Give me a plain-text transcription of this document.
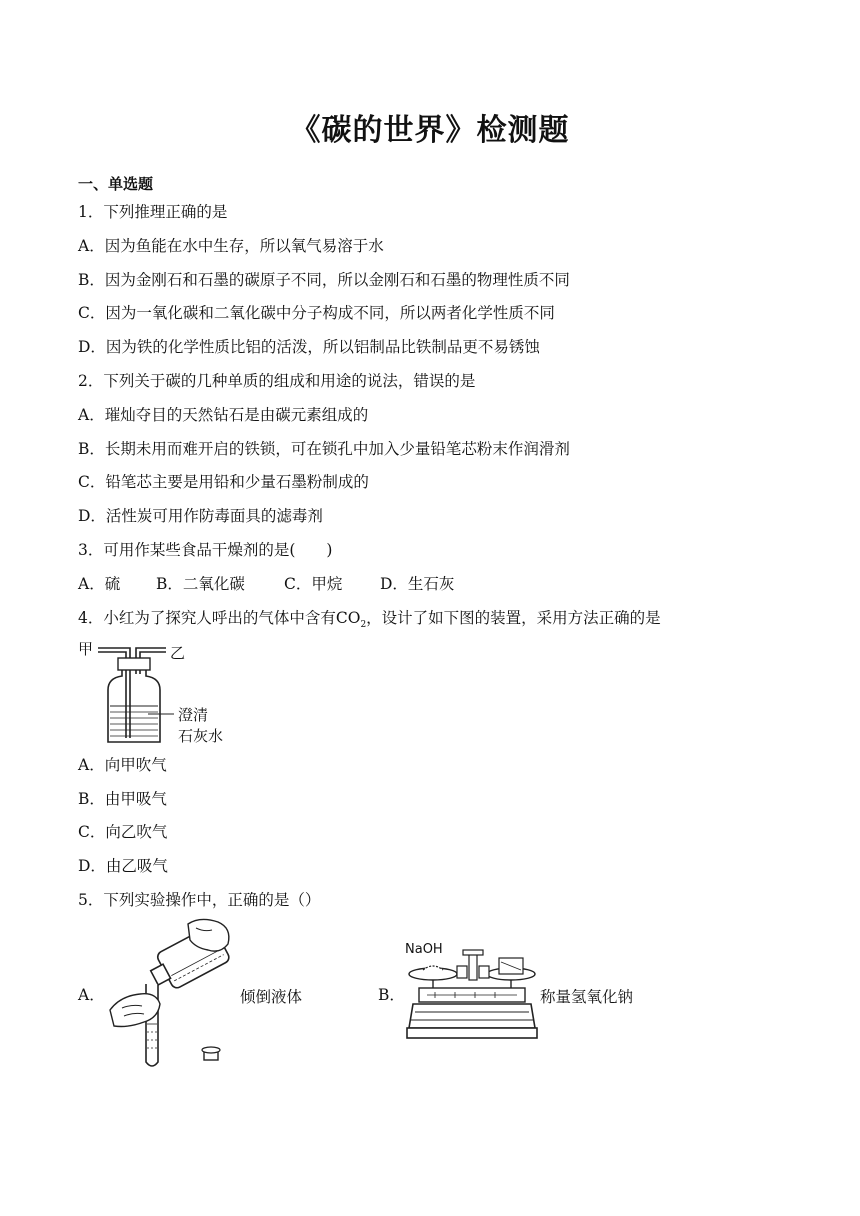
《碳的世界》检测题
一、单选题
1．下列推理正确的是
A．因为鱼能在水中生存，所以氧气易溶于水
B．因为金刚石和石墨的碳原子不同，所以金刚石和石墨的物理性质不同
C．因为一氧化碳和二氧化碳中分子构成不同，所以两者化学性质不同
D．因为铁的化学性质比铝的活泼，所以铝制品比铁制品更不易锈蚀
2．下列关于碳的几种单质的组成和用途的说法，错误的是
A．璀灿夺目的天然钻石是由碳元素组成的
B．长期未用而难开启的铁锁，可在锁孔中加入少量铅笔芯粉末作润滑剂
C．铅笔芯主要是用铅和少量石墨粉制成的
D．活性炭可用作防毒面具的滤毒剂
3．可用作某些食品干燥剂的是(　　)
A．硫 B．二氧化碳	C．甲烷 D．生石灰
4．小红为了探究人呼出的气体中含有$CO_2$，设计了如下图的装置，采用方法正确的是
甲	乙
澄清
石灰水
A．向甲吹气
B．由甲吸气
C．向乙吹气
D．由乙吸气
5．下列实验操作中，正确的是（）
A．	倾倒液体	B．
NaOH
称量氢氧化钠
